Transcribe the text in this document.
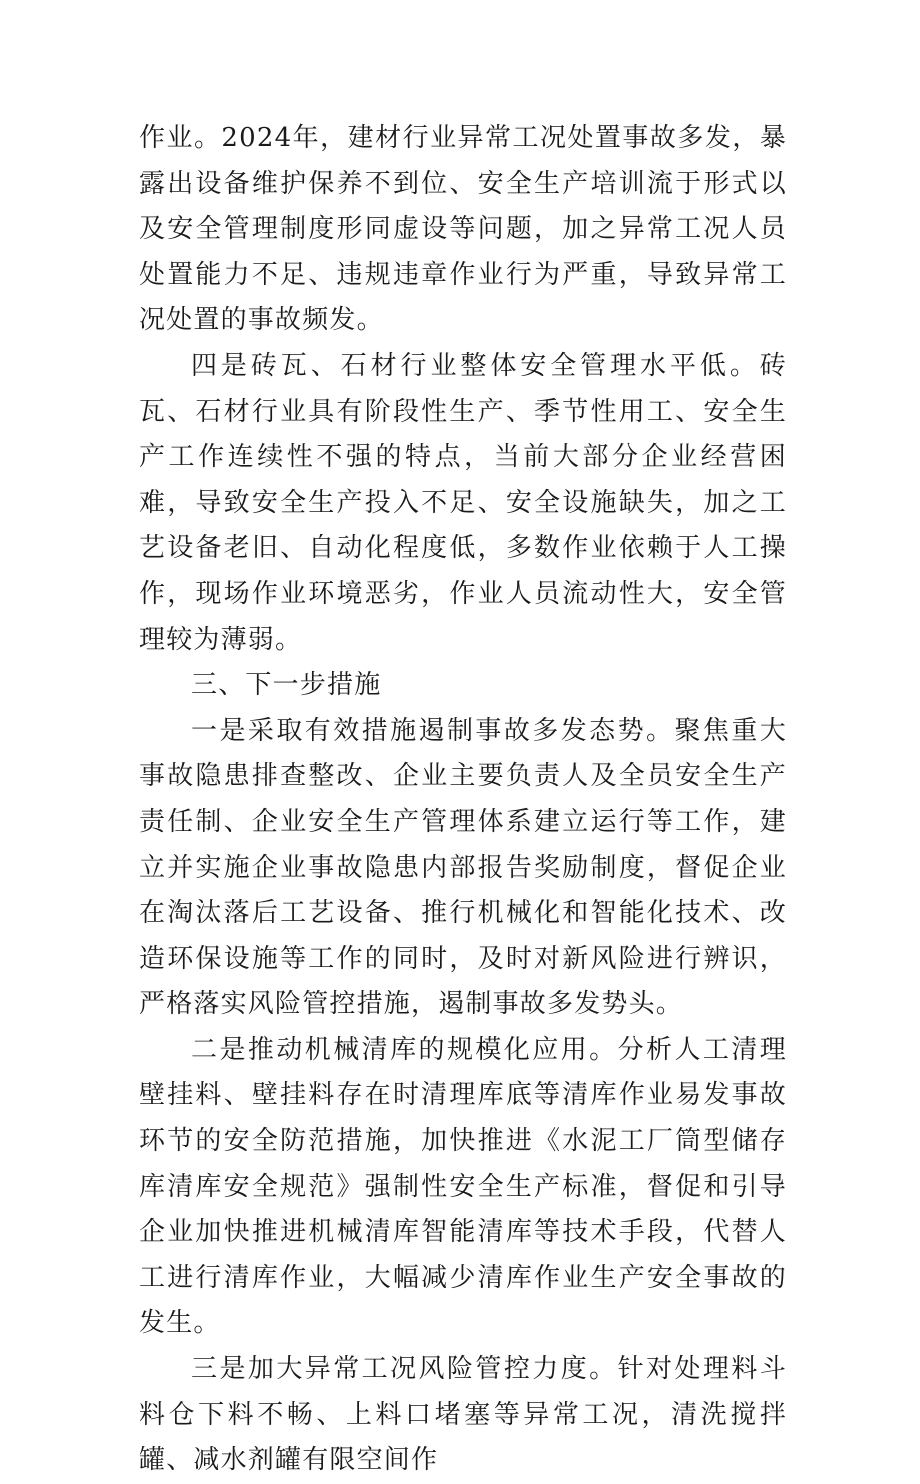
作业。2024年，建材行业异常工况处置事故多发，暴露出设备维护保养不到位、安全生产培训流于形式以及安全管理制度形同虚设等问题，加之异常工况人员处置能力不足、违规违章作业行为严重，导致异常工况处置的事故频发。

四是砖瓦、石材行业整体安全管理水平低。砖瓦、石材行业具有阶段性生产、季节性用工、安全生产工作连续性不强的特点，当前大部分企业经营困难，导致安全生产投入不足、安全设施缺失，加之工艺设备老旧、自动化程度低，多数作业依赖于人工操作，现场作业环境恶劣，作业人员流动性大，安全管理较为薄弱。

三、下一步措施

一是采取有效措施遏制事故多发态势。聚焦重大事故隐患排查整改、企业主要负责人及全员安全生产责任制、企业安全生产管理体系建立运行等工作，建立并实施企业事故隐患内部报告奖励制度，督促企业在淘汰落后工艺设备、推行机械化和智能化技术、改造环保设施等工作的同时，及时对新风险进行辨识，严格落实风险管控措施，遏制事故多发势头。

二是推动机械清库的规模化应用。分析人工清理壁挂料、壁挂料存在时清理库底等清库作业易发事故环节的安全防范措施，加快推进《水泥工厂筒型储存库清库安全规范》强制性安全生产标准，督促和引导企业加快推进机械清库智能清库等技术手段，代替人工进行清库作业，大幅减少清库作业生产安全事故的发生。

三是加大异常工况风险管控力度。针对处理料斗料仓下料不畅、上料口堵塞等异常工况，清洗搅拌罐、减水剂罐有限空间作
